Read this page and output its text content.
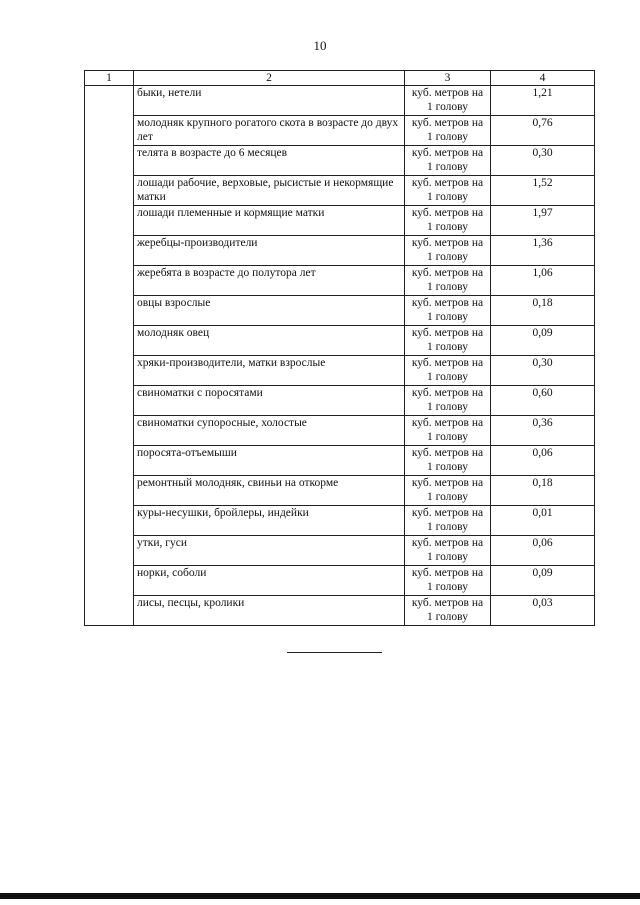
10
1	2	3	4
	быки, нетели	куб. метров на
1 голову	1,21
	молодняк крупного рогатого скота в возрасте до двух лет	куб. метров на
1 голову	0,76
	телята в возрасте до 6 месяцев	куб. метров на
1 голову	0,30
	лошади рабочие, верховые, рысистые и некормящие матки	куб. метров на
1 голову	1,52
	лошади племенные и кормящие матки	куб. метров на
1 голову	1,97
	жеребцы-производители	куб. метров на
1 голову	1,36
	жеребята в возрасте до полутора лет	куб. метров на
1 голову	1,06
	овцы взрослые	куб. метров на
1 голову	0,18
	молодняк овец	куб. метров на
1 голову	0,09
	хряки-производители, матки взрослые	куб. метров на
1 голову	0,30
	свиноматки с поросятами	куб. метров на
1 голову	0,60
	свиноматки супоросные, холостые	куб. метров на
1 голову	0,36
	поросята-отъемыши	куб. метров на
1 голову	0,06
	ремонтный молодняк, свиньи на откорме	куб. метров на
1 голову	0,18
	куры-несушки, бройлеры, индейки	куб. метров на
1 голову	0,01
	утки, гуси	куб. метров на
1 голову	0,06
	норки, соболи	куб. метров на
1 голову	0,09
	лисы, песцы, кролики	куб. метров на
1 голову	0,03
